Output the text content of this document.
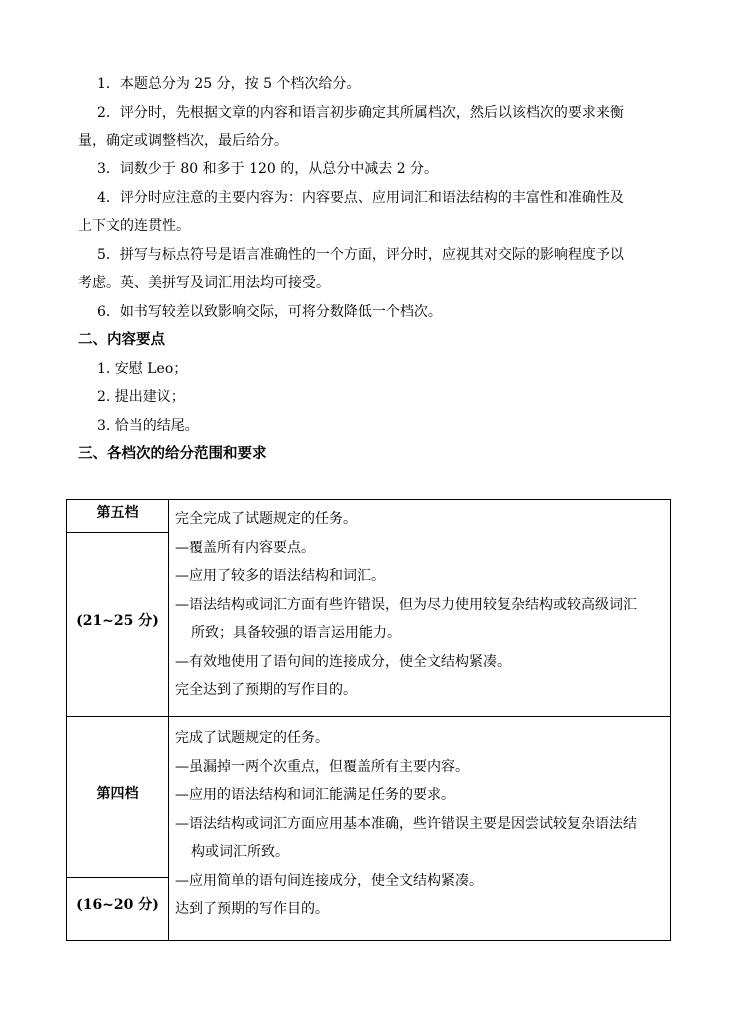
1．本题总分为 25 分，按 5 个档次给分。
2．评分时，先根据文章的内容和语言初步确定其所属档次，然后以该档次的要求来衡
量，确定或调整档次，最后给分。
3．词数少于 80 和多于 120 的，从总分中减去 2 分。
4．评分时应注意的主要内容为：内容要点、应用词汇和语法结构的丰富性和准确性及
上下文的连贯性。
5．拼写与标点符号是语言准确性的一个方面，评分时，应视其对交际的影响程度予以
考虑。英、美拼写及词汇用法均可接受。
6．如书写较差以致影响交际，可将分数降低一个档次。
二、内容要点
1. 安慰 Leo；
2. 提出建议；
3. 恰当的结尾。
三、各档次的给分范围和要求
第五档
(21~25 分)
完全完成了试题规定的任务。
—覆盖所有内容要点。
—应用了较多的语法结构和词汇。
—语法结构或词汇方面有些许错误，但为尽力使用较复杂结构或较高级词汇
所致；具备较强的语言运用能力。
—有效地使用了语句间的连接成分，使全文结构紧凑。
完全达到了预期的写作目的。
第四档
(16~20 分)
完成了试题规定的任务。
—虽漏掉一两个次重点，但覆盖所有主要内容。
—应用的语法结构和词汇能满足任务的要求。
—语法结构或词汇方面应用基本准确，些许错误主要是因尝试较复杂语法结
构或词汇所致。
—应用简单的语句间连接成分，使全文结构紧凑。
达到了预期的写作目的。
